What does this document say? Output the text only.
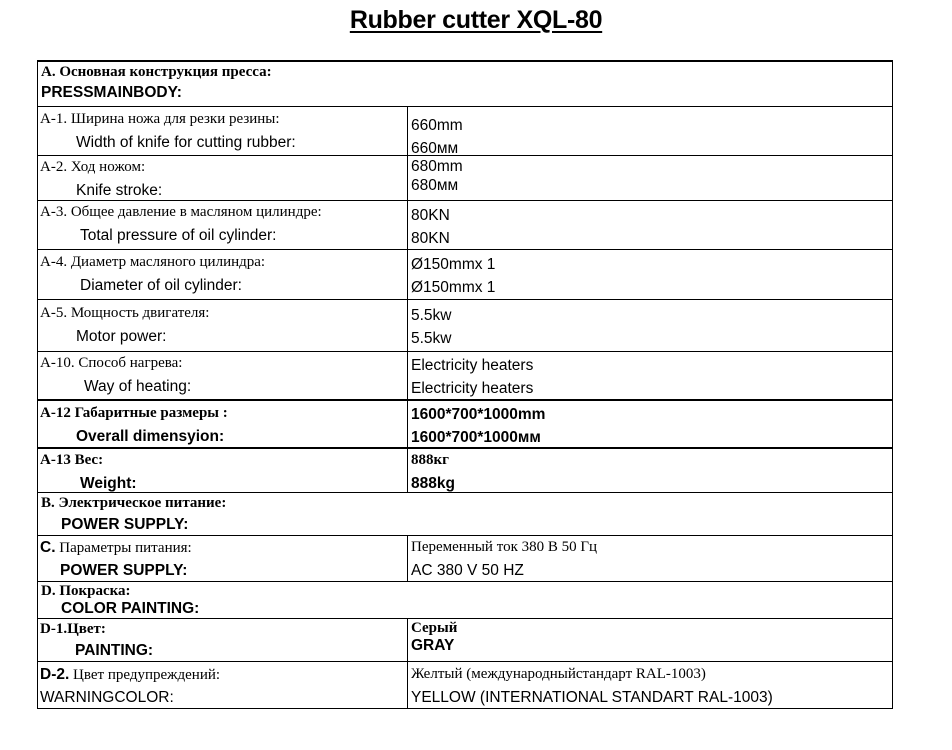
Rubber cutter XQL-80
А. Основная конструкция пресса:
PRESSMAINBODY:
А-1. Ширина ножа для резки резины:
Width of knife for cutting rubber:
660mm
660мм
А-2. Ход ножом:
Knife stroke:
680mm
680мм
А-3. Общее давление в масляном цилиндре:
Total pressure of oil cylinder:
80KN
80KN
А-4. Диаметр масляного цилиндра:
Diameter of oil cylinder:
Ø150mmx 1
Ø150mmx 1
А-5. Мощность двигателя:
Motor power:
5.5kw
5.5kw
А-10. Способ нагрева:
Way of heating:
Electricity heaters
Electricity heaters
А-12 Габаритные размеры :
Overall dimensyion:
1600*700*1000mm
1600*700*1000мм
А-13 Вес:
Weight:
888кг
888kg
B. Электрическое питание:
POWER SUPPLY:
C. Параметры питания:
POWER SUPPLY:
Переменный ток 380 В 50 Гц
AC 380 V 50 HZ
D. Покраска:
COLOR PAINTING:
D-1.Цвет:
PAINTING:
Серый
GRAY
D-2. Цвет предупреждений:
WARNINGCOLOR:
Желтый (международныйстандарт RAL-1003)
YELLOW (INTERNATIONAL STANDART RAL-1003)
